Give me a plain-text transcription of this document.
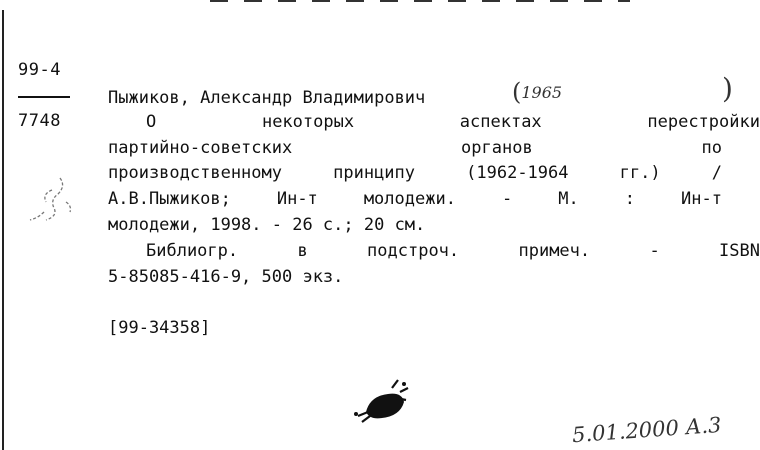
99-4
7748
Пыжиков, Александр Владимирович	( 1965	)
О	некоторых	аспектах	перестройки
партийно-советских	органов	по
производственному	принципу	(1962-1964	гг.)	/
А.В.Пыжиков;	Ин-т	молодежи.	-	М.	:	Ин-т
молодежи, 1998. - 26 с.; 20 см.
Библиогр.	в	подстроч.	примеч.	-	ISBN
5-85085-416-9, 500 экз.
[99-34358]
5.01.2000 А.3
